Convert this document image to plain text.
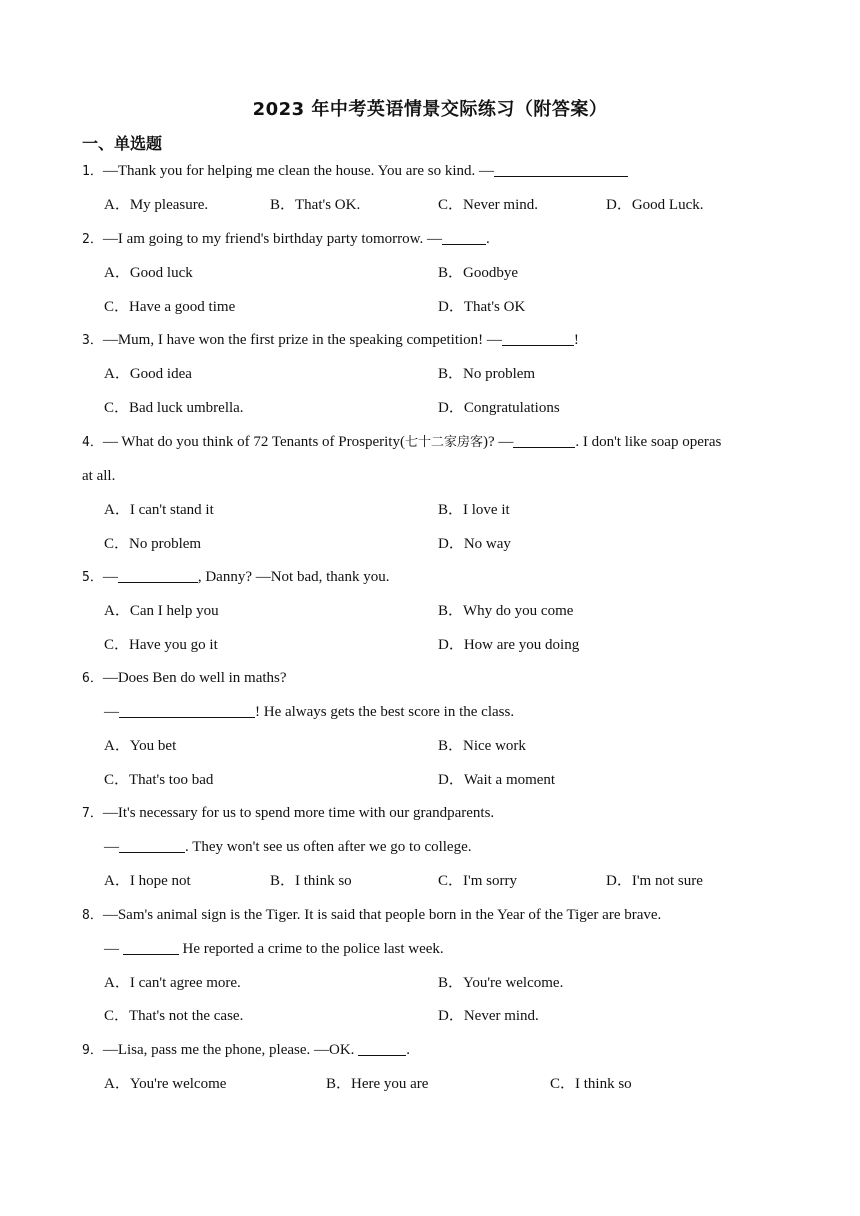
2023 年中考英语情景交际练习（附答案）
一、单选题
1．—Thank you for helping me clean the house. You are so kind. —
A．My pleasure.	B．That's OK.	C．Never mind.	D．Good Luck.
2．—I am going to my friend's birthday party tomorrow. —	.
A．Good luck	B．Goodbye
C．Have a good time	D．That's OK
3．—Mum, I have won the first prize in the speaking competition! —	!
A．Good idea	B．No problem
C．Bad luck umbrella.	D．Congratulations
4．— What do you think of 72 Tenants of Prosperity(七十二家房客)? —	. I don't like soap operas
at all.
A．I can't stand it	B．I love it
C．No problem	D．No way
5．—	, Danny? —Not bad, thank you.
A．Can I help you	B．Why do you come
C．Have you go it	D．How are you doing
6．—Does Ben do well in maths?
—	! He always gets the best score in the class.
A．You bet	B．Nice work
C．That's too bad	D．Wait a moment
7．—It's necessary for us to spend more time with our grandparents.
—	. They won't see us often after we go to college.
A．I hope not	B．I think so	C．I'm sorry	D．I'm not sure
8．—Sam's animal sign is the Tiger. It is said that people born in the Year of the Tiger are brave.
—	He reported a crime to the police last week.
A．I can't agree more.	B．You're welcome.
C．That's not the case.	D．Never mind.
9．—Lisa, pass me the phone, please. —OK.	.
A．You're welcome	B．Here you are	C．I think so
